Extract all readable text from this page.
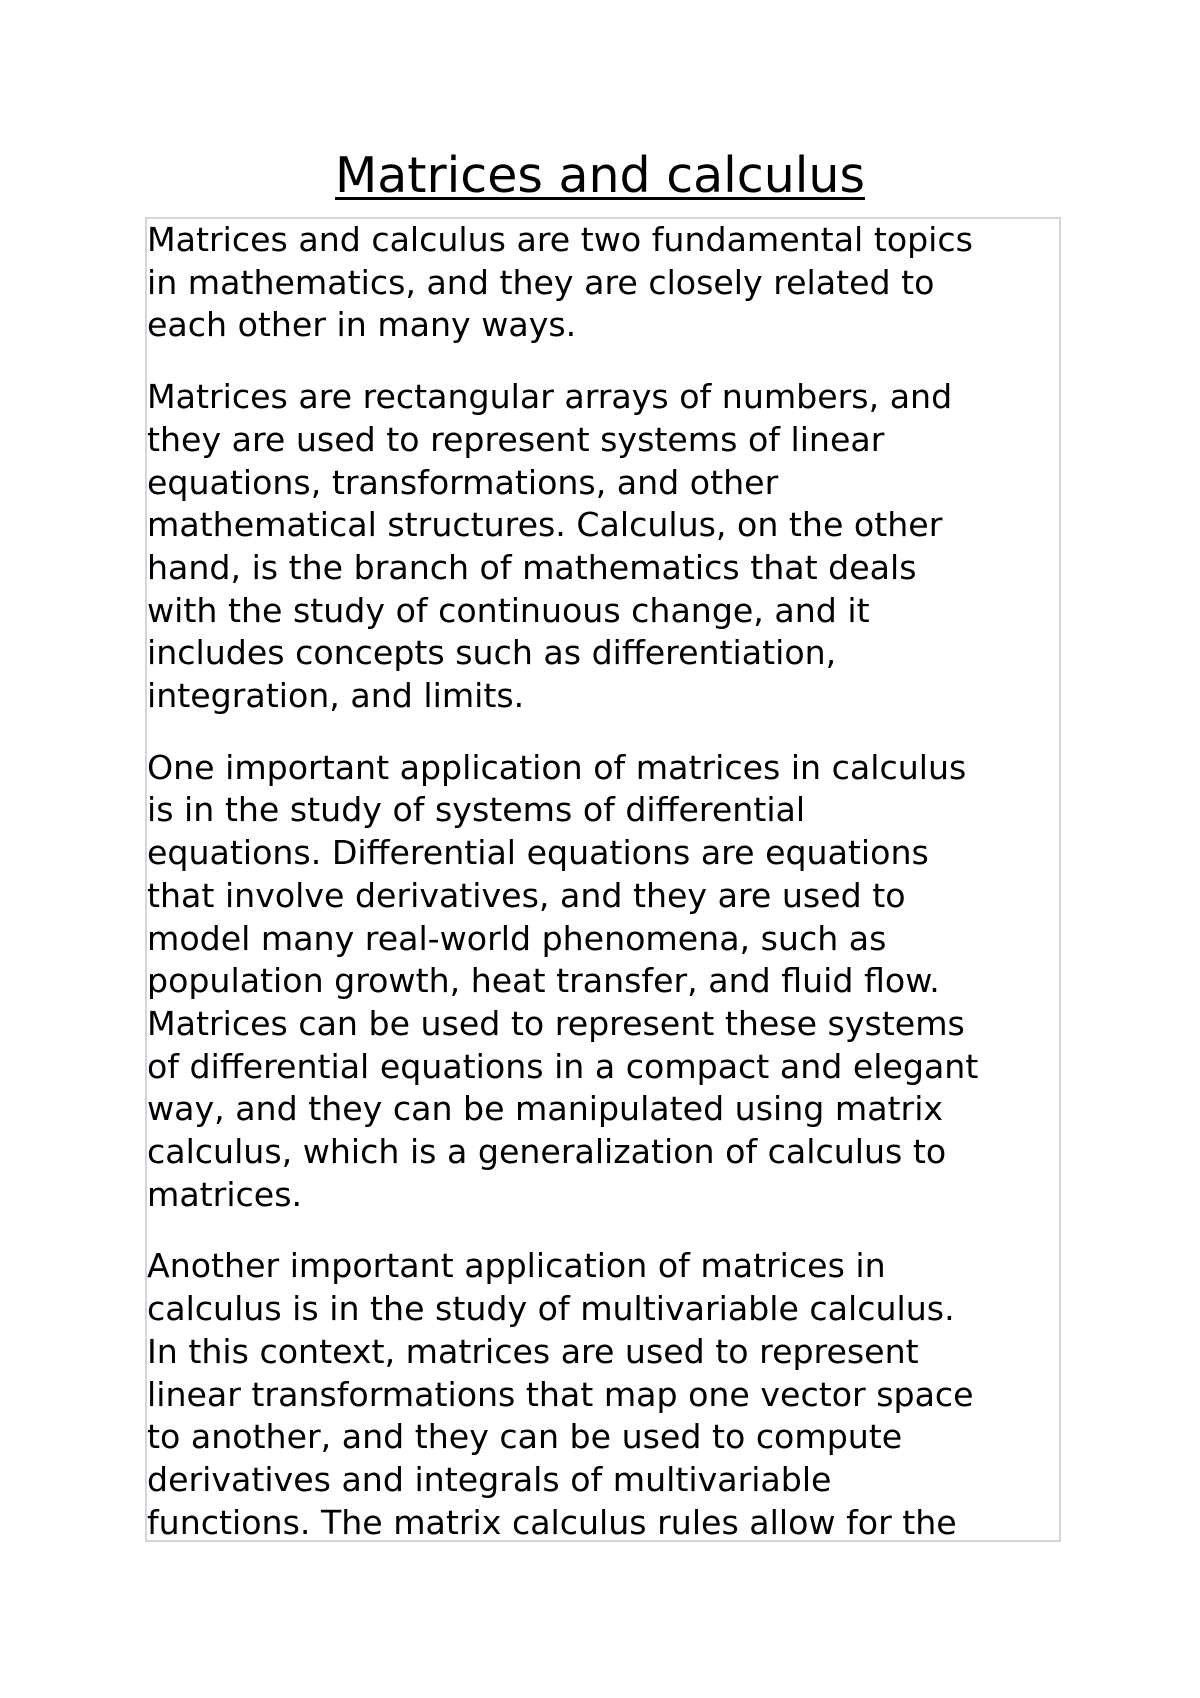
Matrices and calculus

Matrices and calculus are two fundamental topics
in mathematics, and they are closely related to
each other in many ways.

Matrices are rectangular arrays of numbers, and
they are used to represent systems of linear
equations, transformations, and other
mathematical structures. Calculus, on the other
hand, is the branch of mathematics that deals
with the study of continuous change, and it
includes concepts such as differentiation,
integration, and limits.

One important application of matrices in calculus
is in the study of systems of differential
equations. Differential equations are equations
that involve derivatives, and they are used to
model many real-world phenomena, such as
population growth, heat transfer, and fluid flow.
Matrices can be used to represent these systems
of differential equations in a compact and elegant
way, and they can be manipulated using matrix
calculus, which is a generalization of calculus to
matrices.

Another important application of matrices in
calculus is in the study of multivariable calculus.
In this context, matrices are used to represent
linear transformations that map one vector space
to another, and they can be used to compute
derivatives and integrals of multivariable
functions. The matrix calculus rules allow for the
